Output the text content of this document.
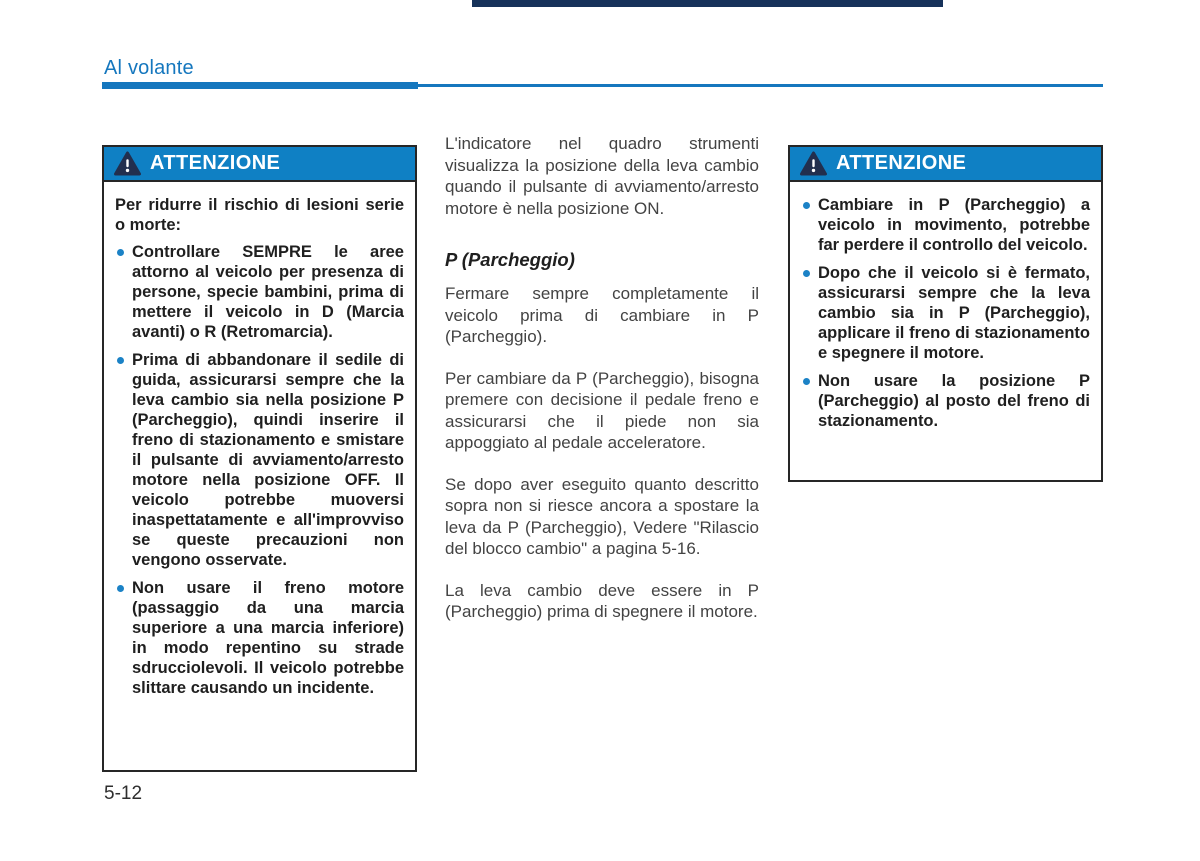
Al volante
ATTENZIONE

Per ridurre il rischio di lesioni serie o morte:

Controllare SEMPRE le aree attorno al veicolo per presenza di persone, specie bambini, prima di mettere il veicolo in D (Marcia avanti) o R (Retromarcia).

Prima di abbandonare il sedile di guida, assicurarsi sempre che la leva cambio sia nella posizione P (Parcheggio), quindi inserire il freno di stazionamento e smistare il pulsante di avviamento/arresto motore nella posizione OFF. Il veicolo potrebbe muoversi inaspettatamente e all'improvviso se queste precauzioni non vengono osservate.

Non usare il freno motore (passaggio da una marcia superiore a una marcia inferiore) in modo repentino su strade sdrucciolevoli. Il veicolo potrebbe slittare causando un incidente.

L'indicatore nel quadro strumenti visualizza la posizione della leva cambio quando il pulsante di avviamento/arresto motore è nella posizione ON.

P (Parcheggio)

Fermare sempre completamente il veicolo prima di cambiare in P (Parcheggio).

Per cambiare da P (Parcheggio), bisogna premere con decisione il pedale freno e assicurarsi che il piede non sia appoggiato al pedale acceleratore.

Se dopo aver eseguito quanto descritto sopra non si riesce ancora a spostare la leva da P (Parcheggio), Vedere "Rilascio del blocco cambio" a pagina 5-16.

La leva cambio deve essere in P (Parcheggio) prima di spegnere il motore.

ATTENZIONE

Cambiare in P (Parcheggio) a veicolo in movimento, potrebbe far perdere il controllo del veicolo.

Dopo che il veicolo si è fermato, assicurarsi sempre che la leva cambio sia in P (Parcheggio), applicare il freno di stazionamento e spegnere il motore.

Non usare la posizione P (Parcheggio) al posto del freno di stazionamento.

5-12
